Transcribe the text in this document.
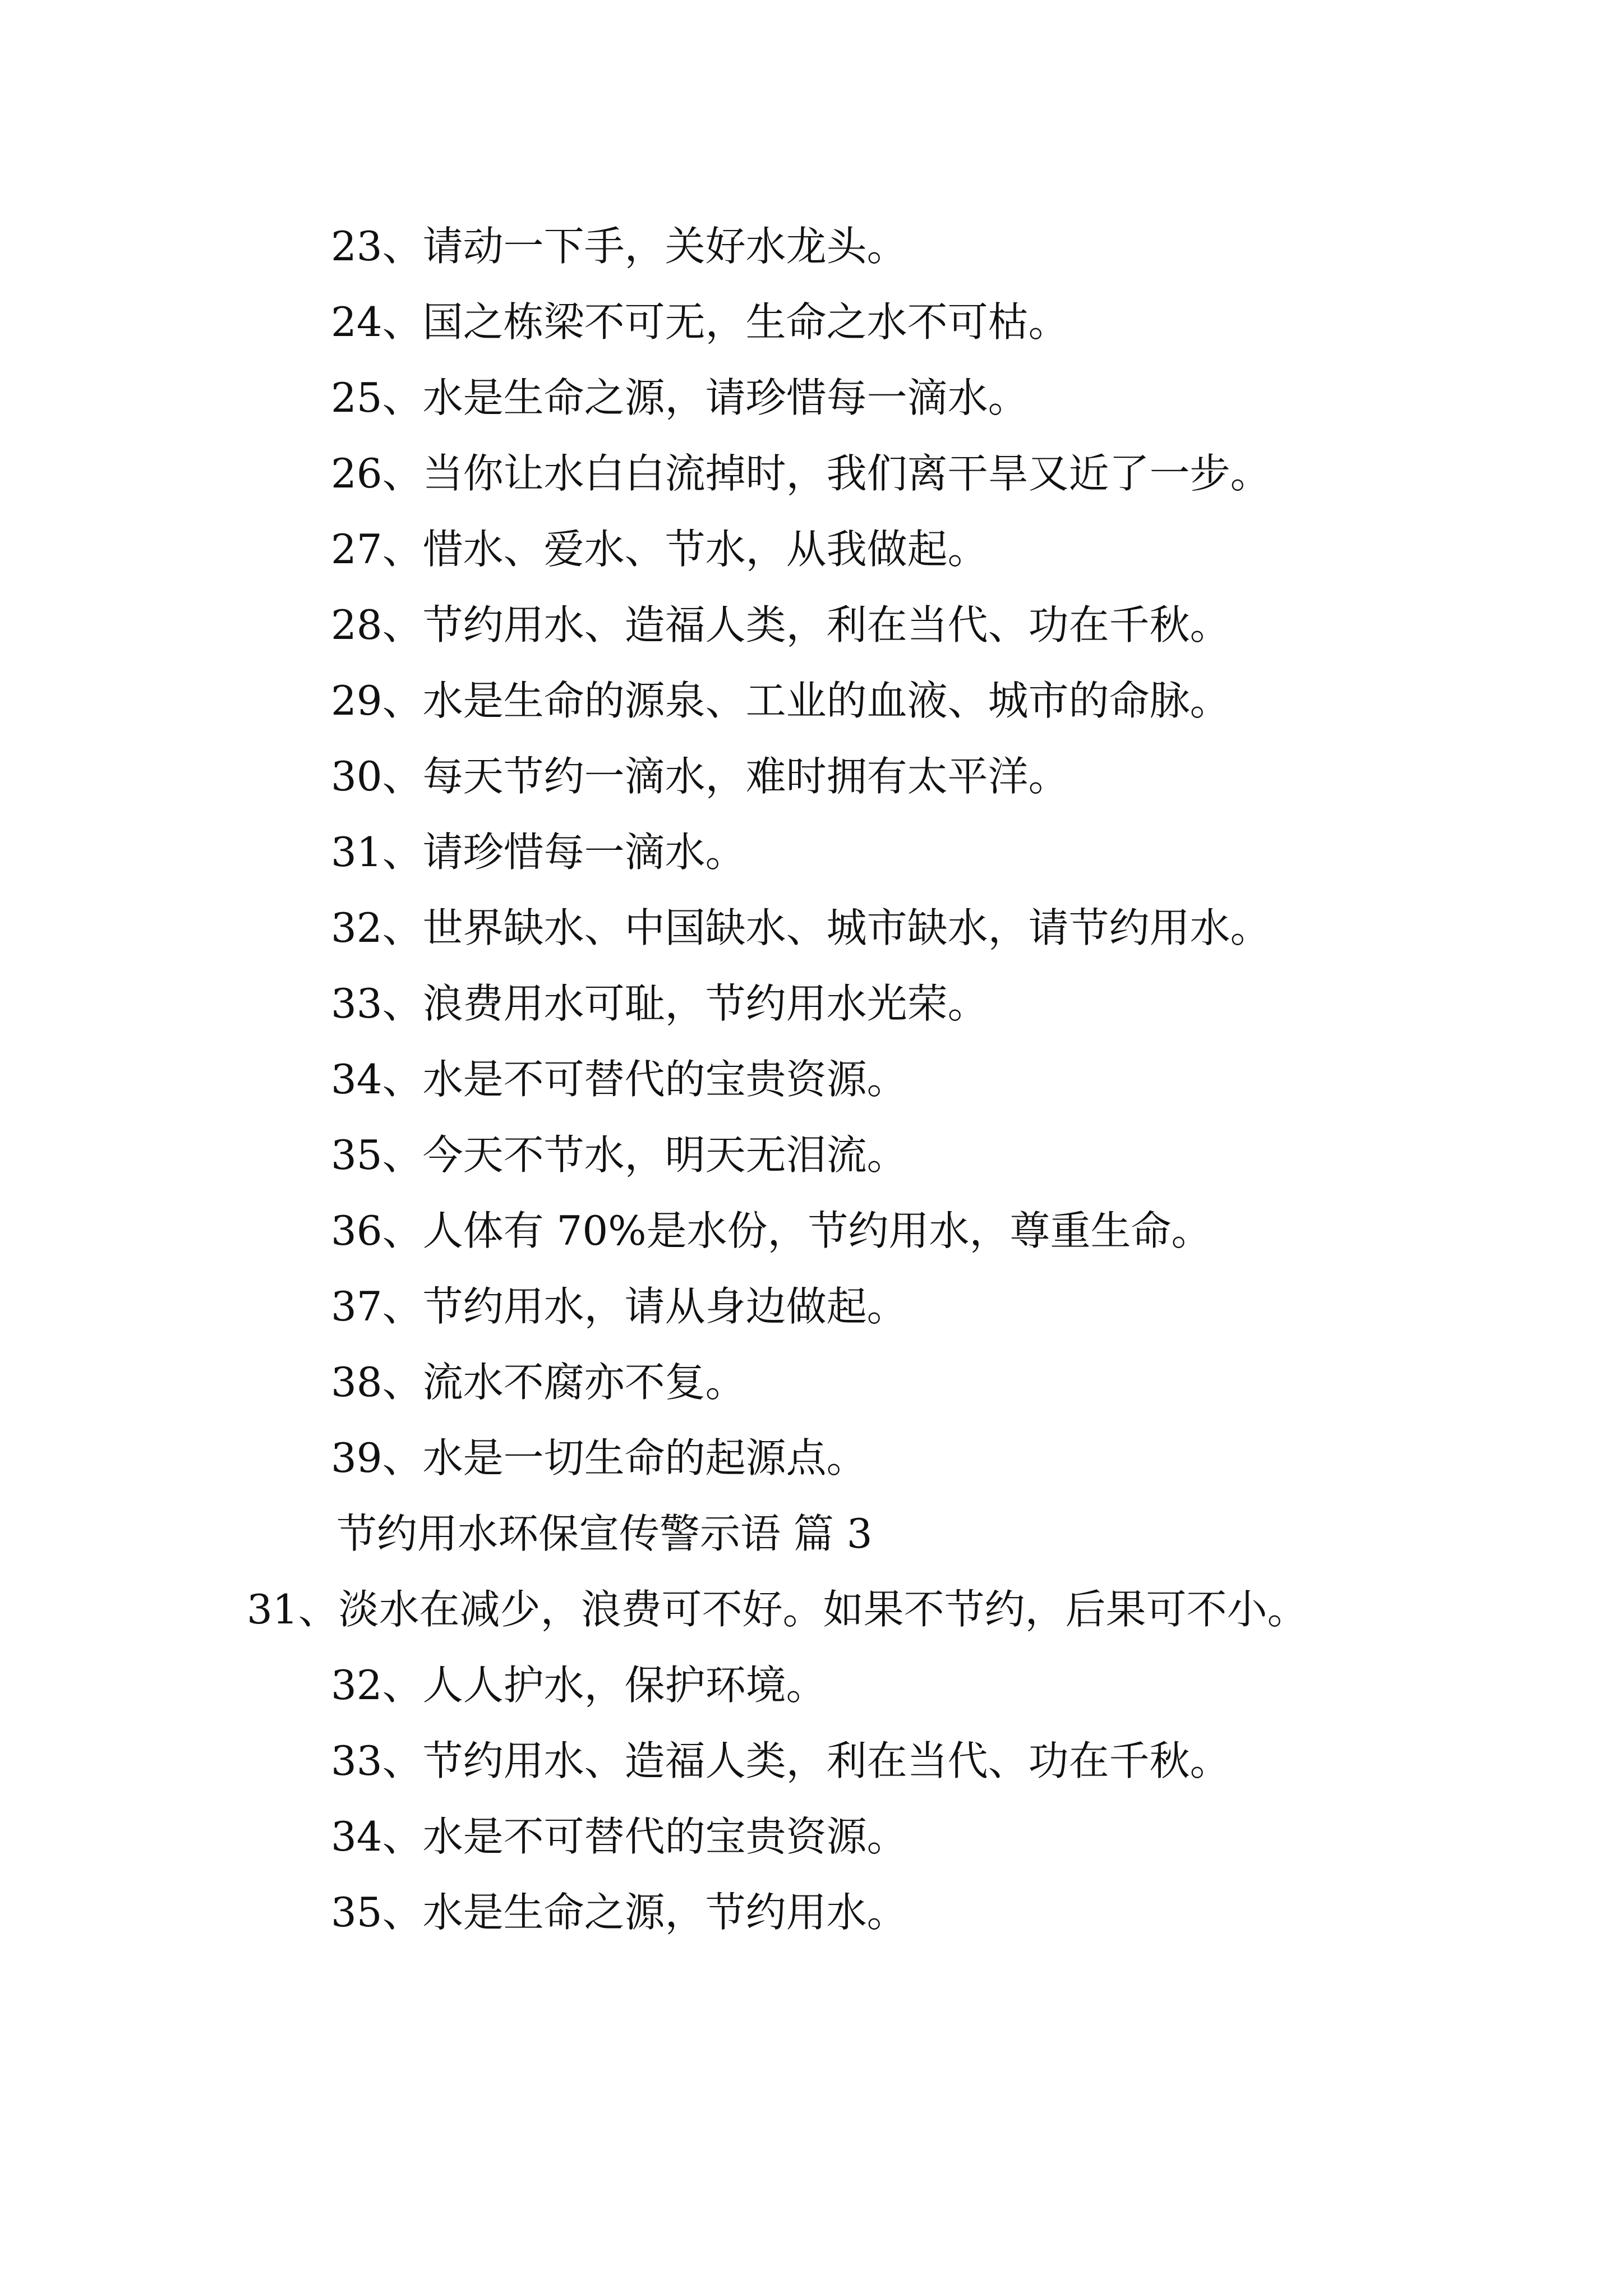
23、请动一下手，关好水龙头。

24、国之栋梁不可无，生命之水不可枯。

25、水是生命之源，请珍惜每一滴水。

26、当你让水白白流掉时，我们离干旱又近了一步。

27、惜水、爱水、节水，从我做起。

28、节约用水、造福人类，利在当代、功在千秋。

29、水是生命的源泉、工业的血液、城市的命脉。

30、每天节约一滴水，难时拥有太平洋。

31、请珍惜每一滴水。

32、世界缺水、中国缺水、城市缺水，请节约用水。

33、浪费用水可耻，节约用水光荣。

34、水是不可替代的宝贵资源。

35、今天不节水，明天无泪流。

36、人体有 70%是水份，节约用水，尊重生命。

37、节约用水，请从身边做起。

38、流水不腐亦不复。

39、水是一切生命的起源点。

节约用水环保宣传警示语 篇 3

31、淡水在减少，浪费可不好。如果不节约，后果可不小。

32、人人护水，保护环境。

33、节约用水、造福人类，利在当代、功在千秋。

34、水是不可替代的宝贵资源。

35、水是生命之源，节约用水。
